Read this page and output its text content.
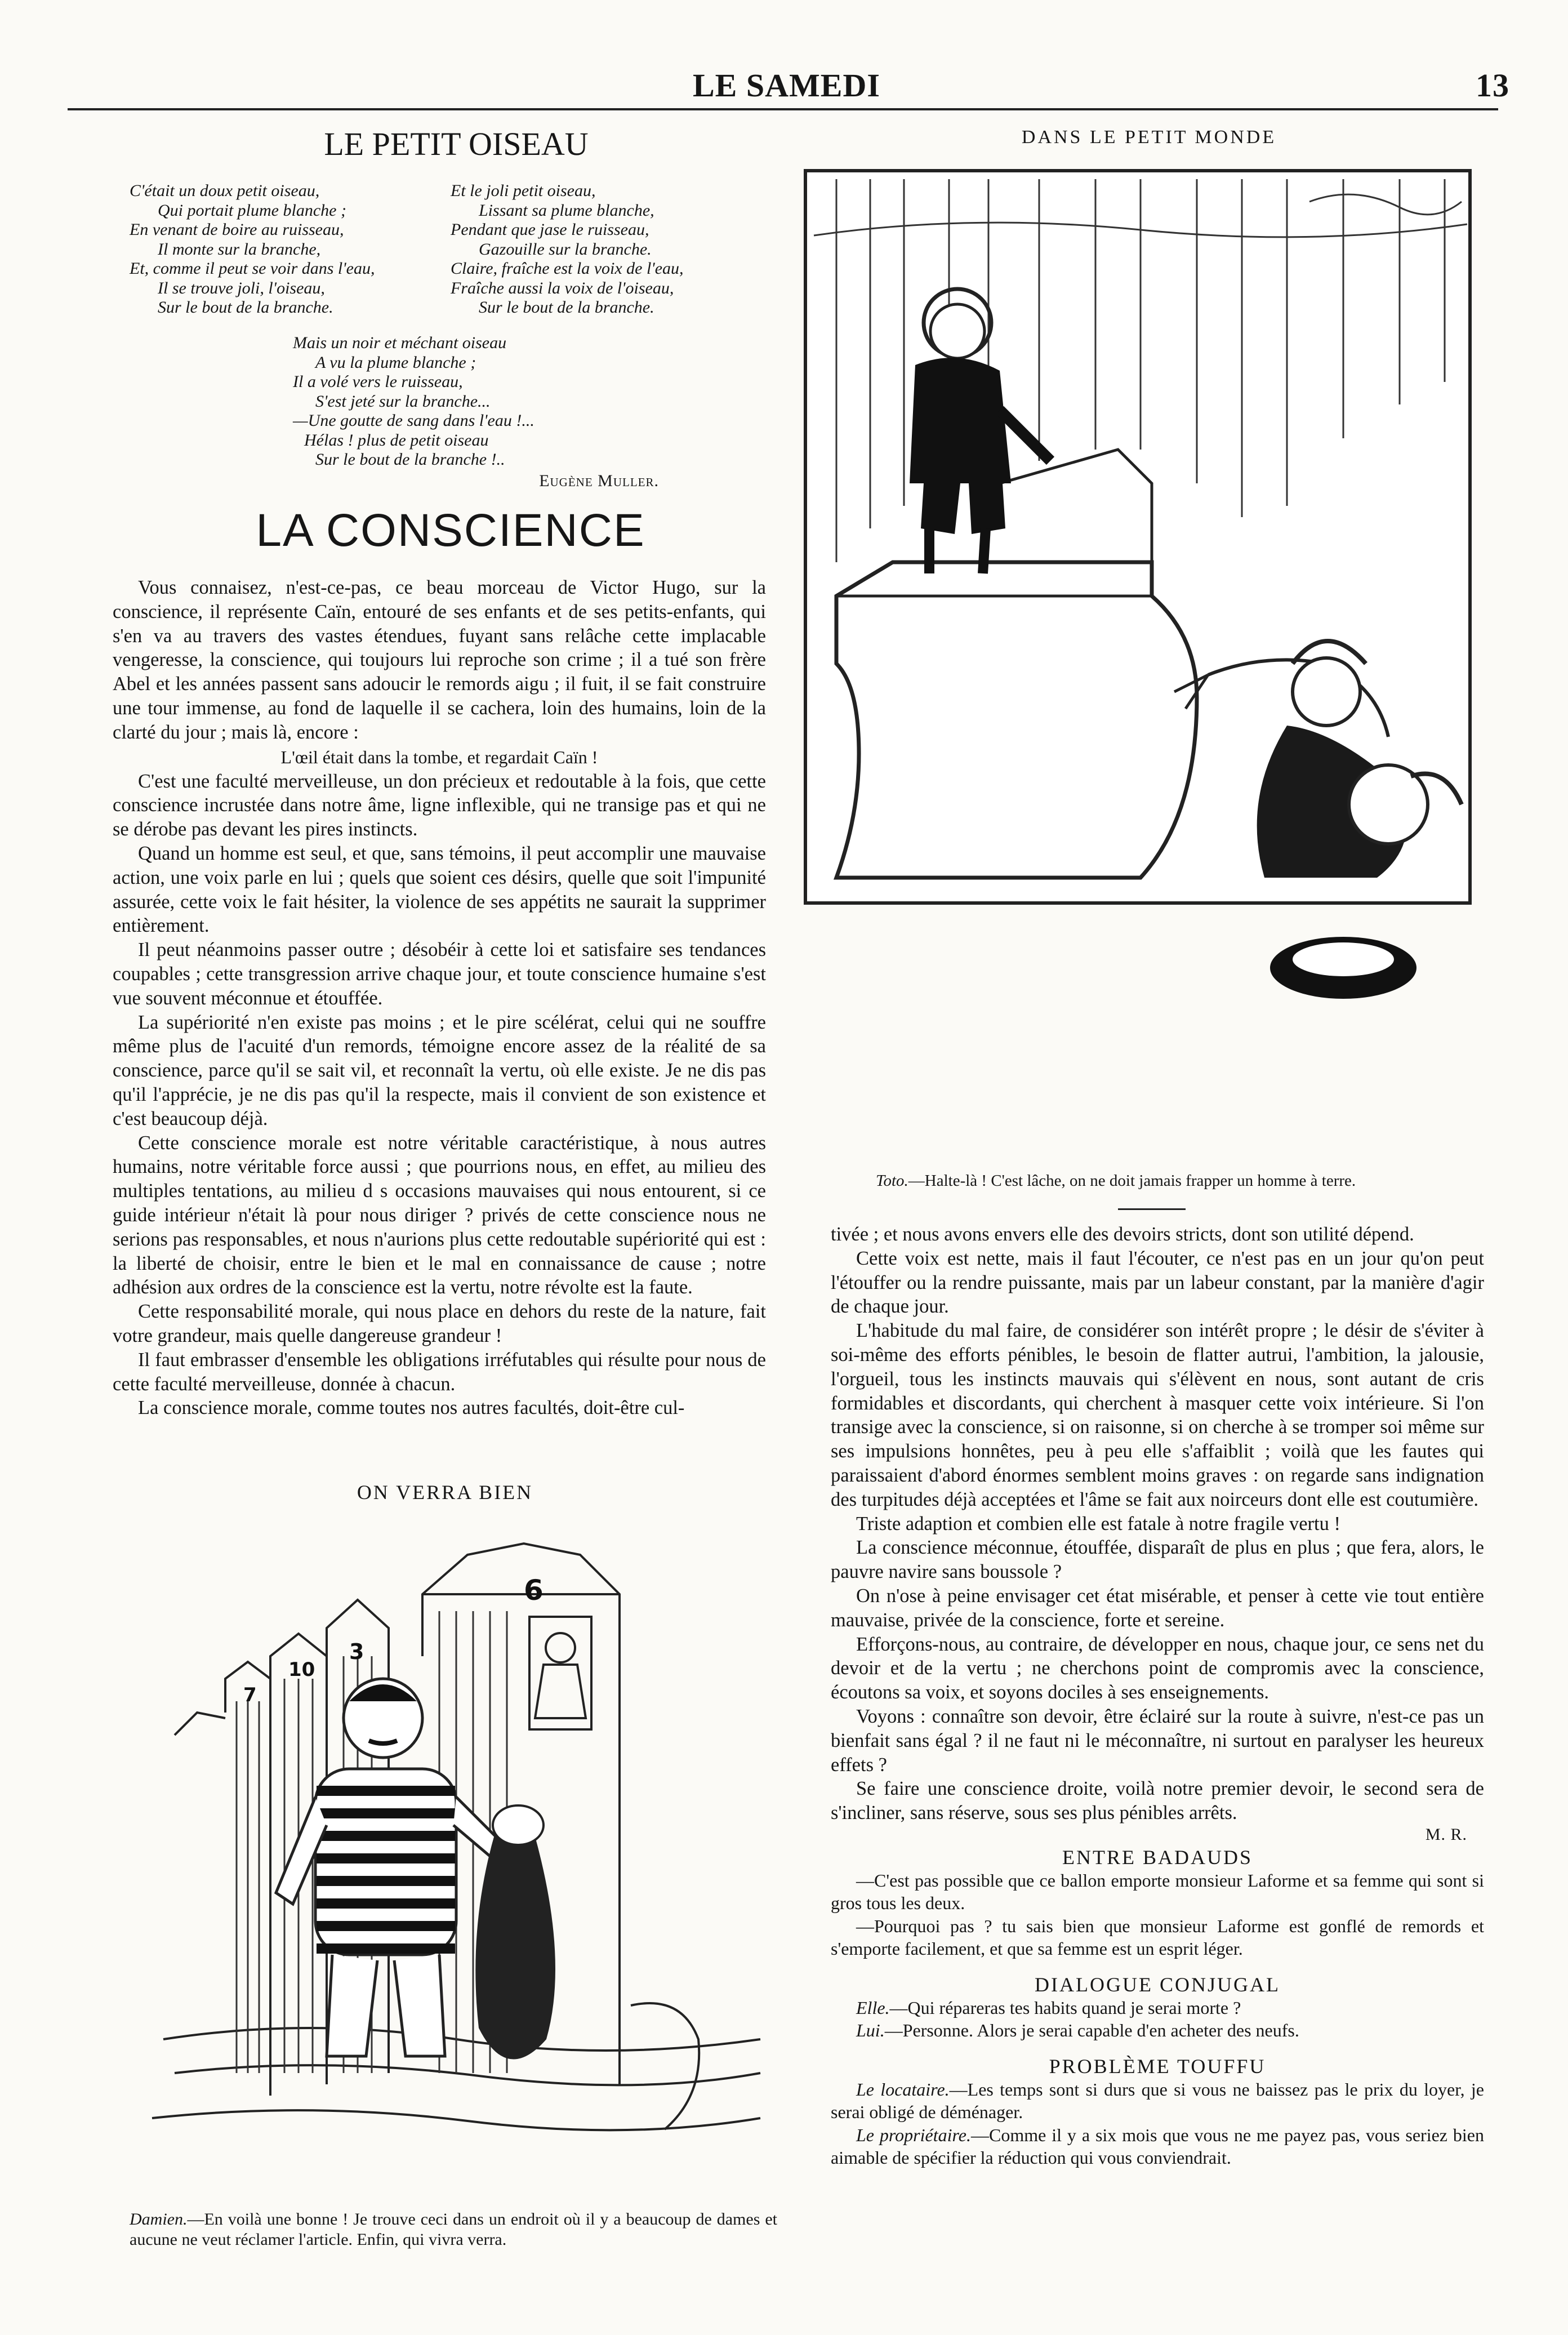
LE SAMEDI	13
LE PETIT OISEAU

C'était un doux petit oiseau,

Qui portait plume blanche ;

En venant de boire au ruisseau,

Il monte sur la branche,

Et, comme il peut se voir dans l'eau,

Il se trouve joli, l'oiseau,

Sur le bout de la branche.

Et le joli petit oiseau,

Lissant sa plume blanche,

Pendant que jase le ruisseau,

Gazouille sur la branche.

Claire, fraîche est la voix de l'eau,

Fraîche aussi la voix de l'oiseau,

Sur le bout de la branche.

Mais un noir et méchant oiseau

A vu la plume blanche ;

Il a volé vers le ruisseau,

S'est jeté sur la branche...

—Une goutte de sang dans l'eau !...

Hélas ! plus de petit oiseau

Sur le bout de la branche !..

Eugène Muller.
LA CONSCIENCE

Vous connaisez, n'est-ce-pas, ce beau morceau de Victor Hugo, sur la conscience, il représente Caïn, entouré de ses enfants et de ses petits-enfants, qui s'en va au travers des vastes étendues, fuyant sans relâche cette implacable vengeresse, la conscience, qui toujours lui reproche son crime ; il a tué son frère Abel et les années passent sans adoucir le remords aigu ; il fuit, il se fait construire une tour immense, au fond de laquelle il se cachera, loin des humains, loin de la clarté du jour ; mais là, encore :

L'œil était dans la tombe, et regardait Caïn !

C'est une faculté merveilleuse, un don précieux et redoutable à la fois, que cette conscience incrustée dans notre âme, ligne inflexible, qui ne transige pas et qui ne se dérobe pas devant les pires instincts.

Quand un homme est seul, et que, sans témoins, il peut accomplir une mauvaise action, une voix parle en lui ; quels que soient ces désirs, quelle que soit l'impunité assurée, cette voix le fait hésiter, la violence de ses appétits ne saurait la supprimer entièrement.

Il peut néanmoins passer outre ; désobéir à cette loi et satisfaire ses tendances coupables ; cette transgression arrive chaque jour, et toute conscience humaine s'est vue souvent méconnue et étouffée.

La supériorité n'en existe pas moins ; et le pire scélérat, celui qui ne souffre même plus de l'acuité d'un remords, témoigne encore assez de la réalité de sa conscience, parce qu'il se sait vil, et reconnaît la vertu, où elle existe. Je ne dis pas qu'il l'apprécie, je ne dis pas qu'il la respecte, mais il convient de son existence et c'est beaucoup déjà.

Cette conscience morale est notre véritable caractéristique, à nous autres humains, notre véritable force aussi ; que pourrions nous, en effet, au milieu des multiples tentations, au milieu d s occasions mauvaises qui nous entourent, si ce guide intérieur n'était là pour nous diriger ? privés de cette conscience nous ne serions pas responsables, et nous n'aurions plus cette redoutable supériorité qui est : la liberté de choisir, entre le bien et le mal en connaissance de cause ; notre adhésion aux ordres de la conscience est la vertu, notre révolte est la faute.

Cette responsabilité morale, qui nous place en dehors du reste de la nature, fait votre grandeur, mais quelle dangereuse grandeur !

Il faut embrasser d'ensemble les obligations irréfutables qui résulte pour nous de cette faculté merveilleuse, donnée à chacun.

La conscience morale, comme toutes nos autres facultés, doit-être cul-

ON VERRA BIEN
7
10
3
6

Damien.—En voilà une bonne ! Je trouve ceci dans un endroit où il y a beaucoup de dames et aucune ne veut réclamer l'article. Enfin, qui vivra verra.

DANS LE PETIT MONDE

Toto.—Halte-là ! C'est lâche, on ne doit jamais frapper un homme à terre.

tivée ; et nous avons envers elle des devoirs stricts, dont son utilité dépend.

Cette voix est nette, mais il faut l'écouter, ce n'est pas en un jour qu'on peut l'étouffer ou la rendre puissante, mais par un labeur constant, par la manière d'agir de chaque jour.

L'habitude du mal faire, de considérer son intérêt propre ; le désir de s'éviter à soi-même des efforts pénibles, le besoin de flatter autrui, l'ambition, la jalousie, l'orgueil, tous les instincts mauvais qui s'élèvent en nous, sont autant de cris formidables et discordants, qui cherchent à masquer cette voix intérieure. Si l'on transige avec la conscience, si on raisonne, si on cherche à se tromper soi même sur ses impulsions honnêtes, peu à peu elle s'affaiblit ; voilà que les fautes qui paraissaient d'abord énormes semblent moins graves : on regarde sans indignation des turpitudes déjà acceptées et l'âme se fait aux noirceurs dont elle est coutumière.

Triste adaption et combien elle est fatale à notre fragile vertu !

La conscience méconnue, étouffée, disparaît de plus en plus ; que fera, alors, le pauvre navire sans boussole ?

On n'ose à peine envisager cet état misérable, et penser à cette vie tout entière mauvaise, privée de la conscience, forte et sereine.

Efforçons-nous, au contraire, de développer en nous, chaque jour, ce sens net du devoir et de la vertu ; ne cherchons point de compromis avec la conscience, écoutons sa voix, et soyons dociles à ses enseignements.

Voyons : connaître son devoir, être éclairé sur la route à suivre, n'est-ce pas un bienfait sans égal ? il ne faut ni le méconnaître, ni surtout en paralyser les heureux effets ?

Se faire une conscience droite, voilà notre premier devoir, le second sera de s'incliner, sans réserve, sous ses plus pénibles arrêts.

M. R.

ENTRE BADAUDS

—C'est pas possible que ce ballon emporte monsieur Laforme et sa femme qui sont si gros tous les deux.

—Pourquoi pas ? tu sais bien que monsieur Laforme est gonflé de remords et s'emporte facilement, et que sa femme est un esprit léger.

DIALOGUE CONJUGAL

Elle.—Qui répareras tes habits quand je serai morte ?

Lui.—Personne. Alors je serai capable d'en acheter des neufs.

PROBLÈME TOUFFU

Le locataire.—Les temps sont si durs que si vous ne baissez pas le prix du loyer, je serai obligé de déménager.

Le propriétaire.—Comme il y a six mois que vous ne me payez pas, vous seriez bien aimable de spécifier la réduction qui vous conviendrait.
